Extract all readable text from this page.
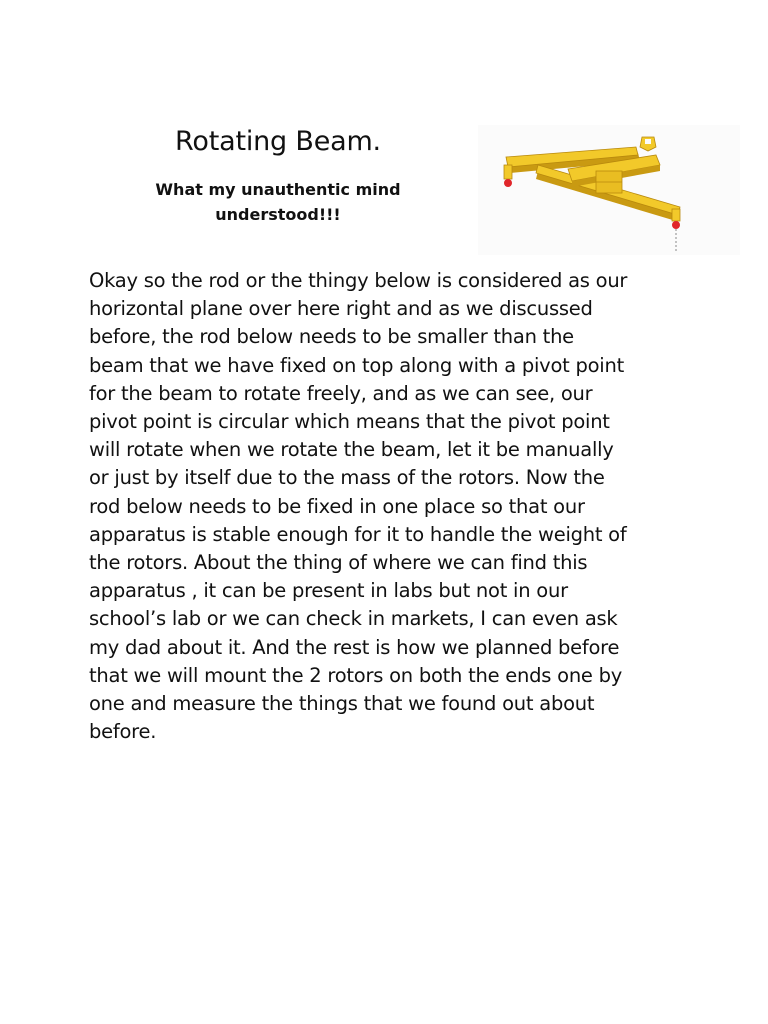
Rotating Beam.

What my unauthentic mind
understood!!!

Okay so the rod or the thingy below is considered as our
horizontal plane over here right and as we discussed
before, the rod below needs to be smaller than the
beam that we have fixed on top along with a pivot point
for the beam to rotate freely, and as we can see, our
pivot point is circular which means that the pivot point
will rotate when we rotate the beam, let it be manually
or just by itself due to the mass of the rotors. Now the
rod below needs to be fixed in one place so that our
apparatus is stable enough for it to handle the weight of
the rotors. About the thing of where we can find this
apparatus , it can be present in labs but not in our
school’s lab or we can check in markets, I can even ask
my dad about it. And the rest is how we planned before
that we will mount the 2 rotors on both the ends one by
one and measure the things that we found out about
before.
